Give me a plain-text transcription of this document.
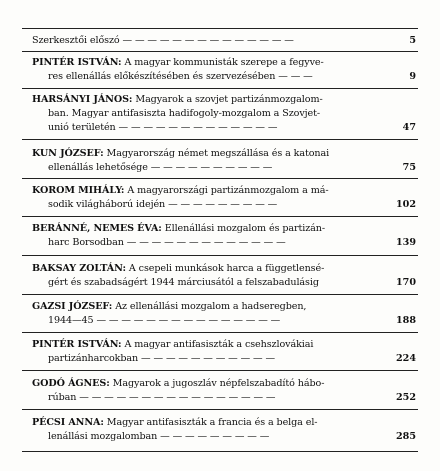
Szerkesztői előszó — — — — — — — — — — — — — —	5
PINTÉR ISTVÁN: A magyar kommunisták szerepe a fegyve-
res ellenállás előkészítésében és szervezésében — — —	9
HARSÁNYI JÁNOS: Magyarok a szovjet partizánmozgalom-
ban. Magyar antifasiszta hadifogoly-mozgalom a Szovjet-
unió területén — — — — — — — — — — — — —	47
KUN JÓZSEF: Magyarország német megszállása és a katonai
ellenállás lehetősége — — — — — — — — — —	75
KOROM MIHÁLY: A magyarországi partizánmozgalom a má-
sodik világháború idején — — — — — — — — —	102
BERÁNNÉ, NEMES ÉVA: Ellenállási mozgalom és partizán-
harc Borsodban — — — — — — — — — — — — —	139
BAKSAY ZOLTÁN: A csepeli munkások harca a függetlensé-
gért és szabadságért 1944 márciusától a felszabadulásig	170
GAZSI JÓZSEF: Az ellenállási mozgalom a hadseregben,
1944—45 — — — — — — — — — — — — — — —	188
PINTÉR ISTVÁN: A magyar antifasiszták a csehszlovákiai
partizánharcokban — — — — — — — — — — —	224
GODÓ ÁGNES: Magyarok a jugoszláv népfelszabadító hábo-
rúban — — — — — — — — — — — — — — — —	252
PÉCSI ANNA: Magyar antifasiszták a francia és a belga el-
lenállási mozgalomban — — — — — — — — —	285
